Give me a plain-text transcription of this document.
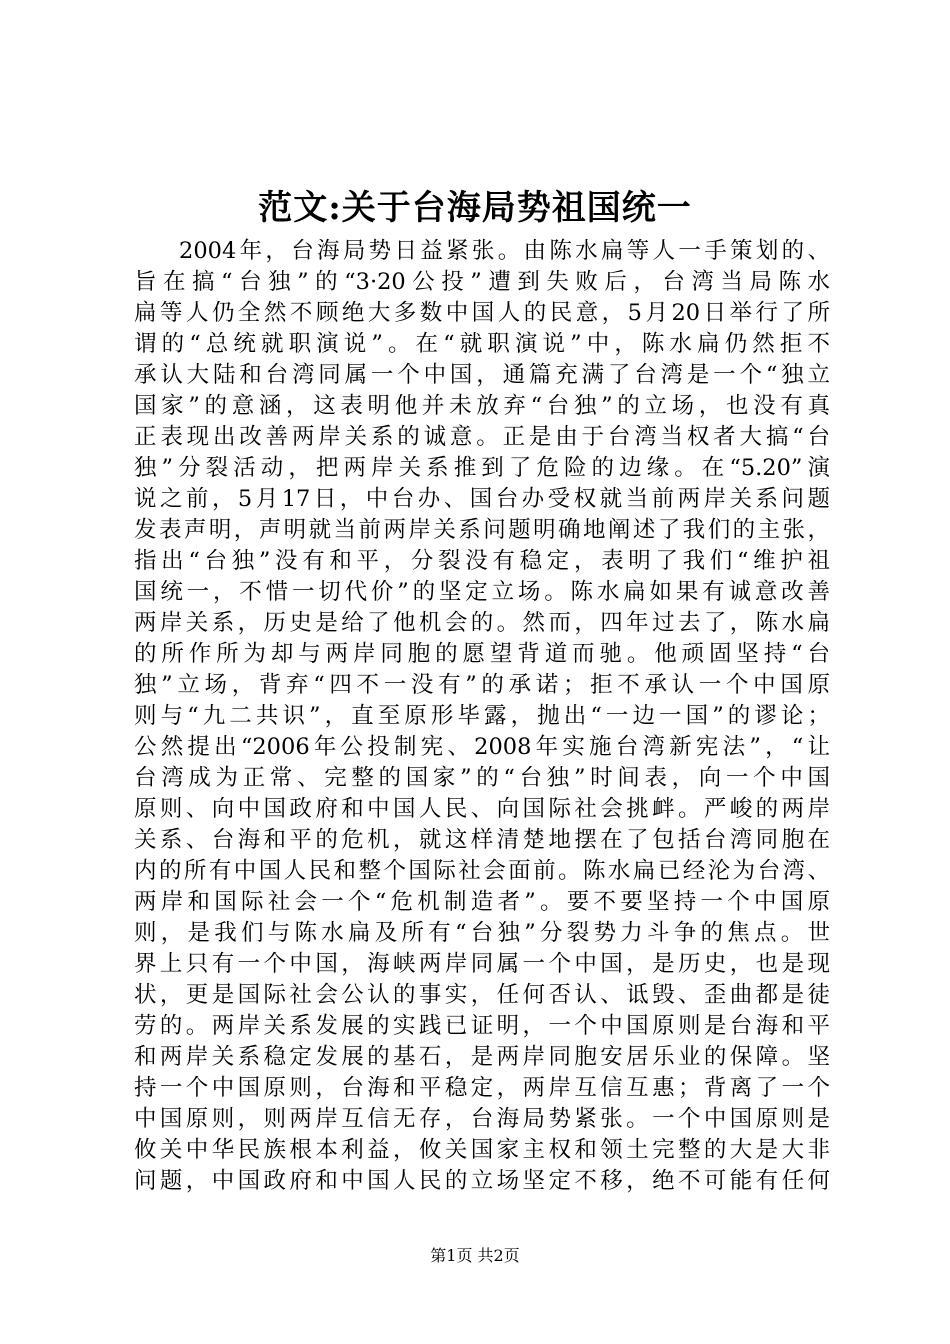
范文:关于台海局势祖国统一
2004年，台海局势日益紧张。由陈水扁等人一手策划的、
旨在搞“台独”的“3·20公投”遭到失败后，台湾当局陈水
扁等人仍全然不顾绝大多数中国人的民意，5月20日举行了所
谓的“总统就职演说”。在“就职演说”中，陈水扁仍然拒不
承认大陆和台湾同属一个中国，通篇充满了台湾是一个“独立
国家”的意涵，这表明他并未放弃“台独”的立场，也没有真
正表现出改善两岸关系的诚意。正是由于台湾当权者大搞“台
独”分裂活动，把两岸关系推到了危险的边缘。在“5.20”演
说之前，5月17日，中台办、国台办受权就当前两岸关系问题
发表声明，声明就当前两岸关系问题明确地阐述了我们的主张，
指出“台独”没有和平，分裂没有稳定，表明了我们“维护祖
国统一，不惜一切代价”的坚定立场。陈水扁如果有诚意改善
两岸关系，历史是给了他机会的。然而，四年过去了，陈水扁
的所作所为却与两岸同胞的愿望背道而驰。他顽固坚持“台
独”立场，背弃“四不一没有”的承诺；拒不承认一个中国原
则与“九二共识”，直至原形毕露，抛出“一边一国”的谬论；
公然提出“2006年公投制宪、2008年实施台湾新宪法”，“让
台湾成为正常、完整的国家”的“台独”时间表，向一个中国
原则、向中国政府和中国人民、向国际社会挑衅。严峻的两岸
关系、台海和平的危机，就这样清楚地摆在了包括台湾同胞在
内的所有中国人民和整个国际社会面前。陈水扁已经沦为台湾、
两岸和国际社会一个“危机制造者”。要不要坚持一个中国原
则，是我们与陈水扁及所有“台独”分裂势力斗争的焦点。世
界上只有一个中国，海峡两岸同属一个中国，是历史，也是现
状，更是国际社会公认的事实，任何否认、诋毁、歪曲都是徒
劳的。两岸关系发展的实践已证明，一个中国原则是台海和平
和两岸关系稳定发展的基石，是两岸同胞安居乐业的保障。坚
持一个中国原则，台海和平稳定，两岸互信互惠；背离了一个
中国原则，则两岸互信无存，台海局势紧张。一个中国原则是
攸关中华民族根本利益，攸关国家主权和领土完整的大是大非
问题，中国政府和中国人民的立场坚定不移，绝不可能有任何
第1页 共2页
